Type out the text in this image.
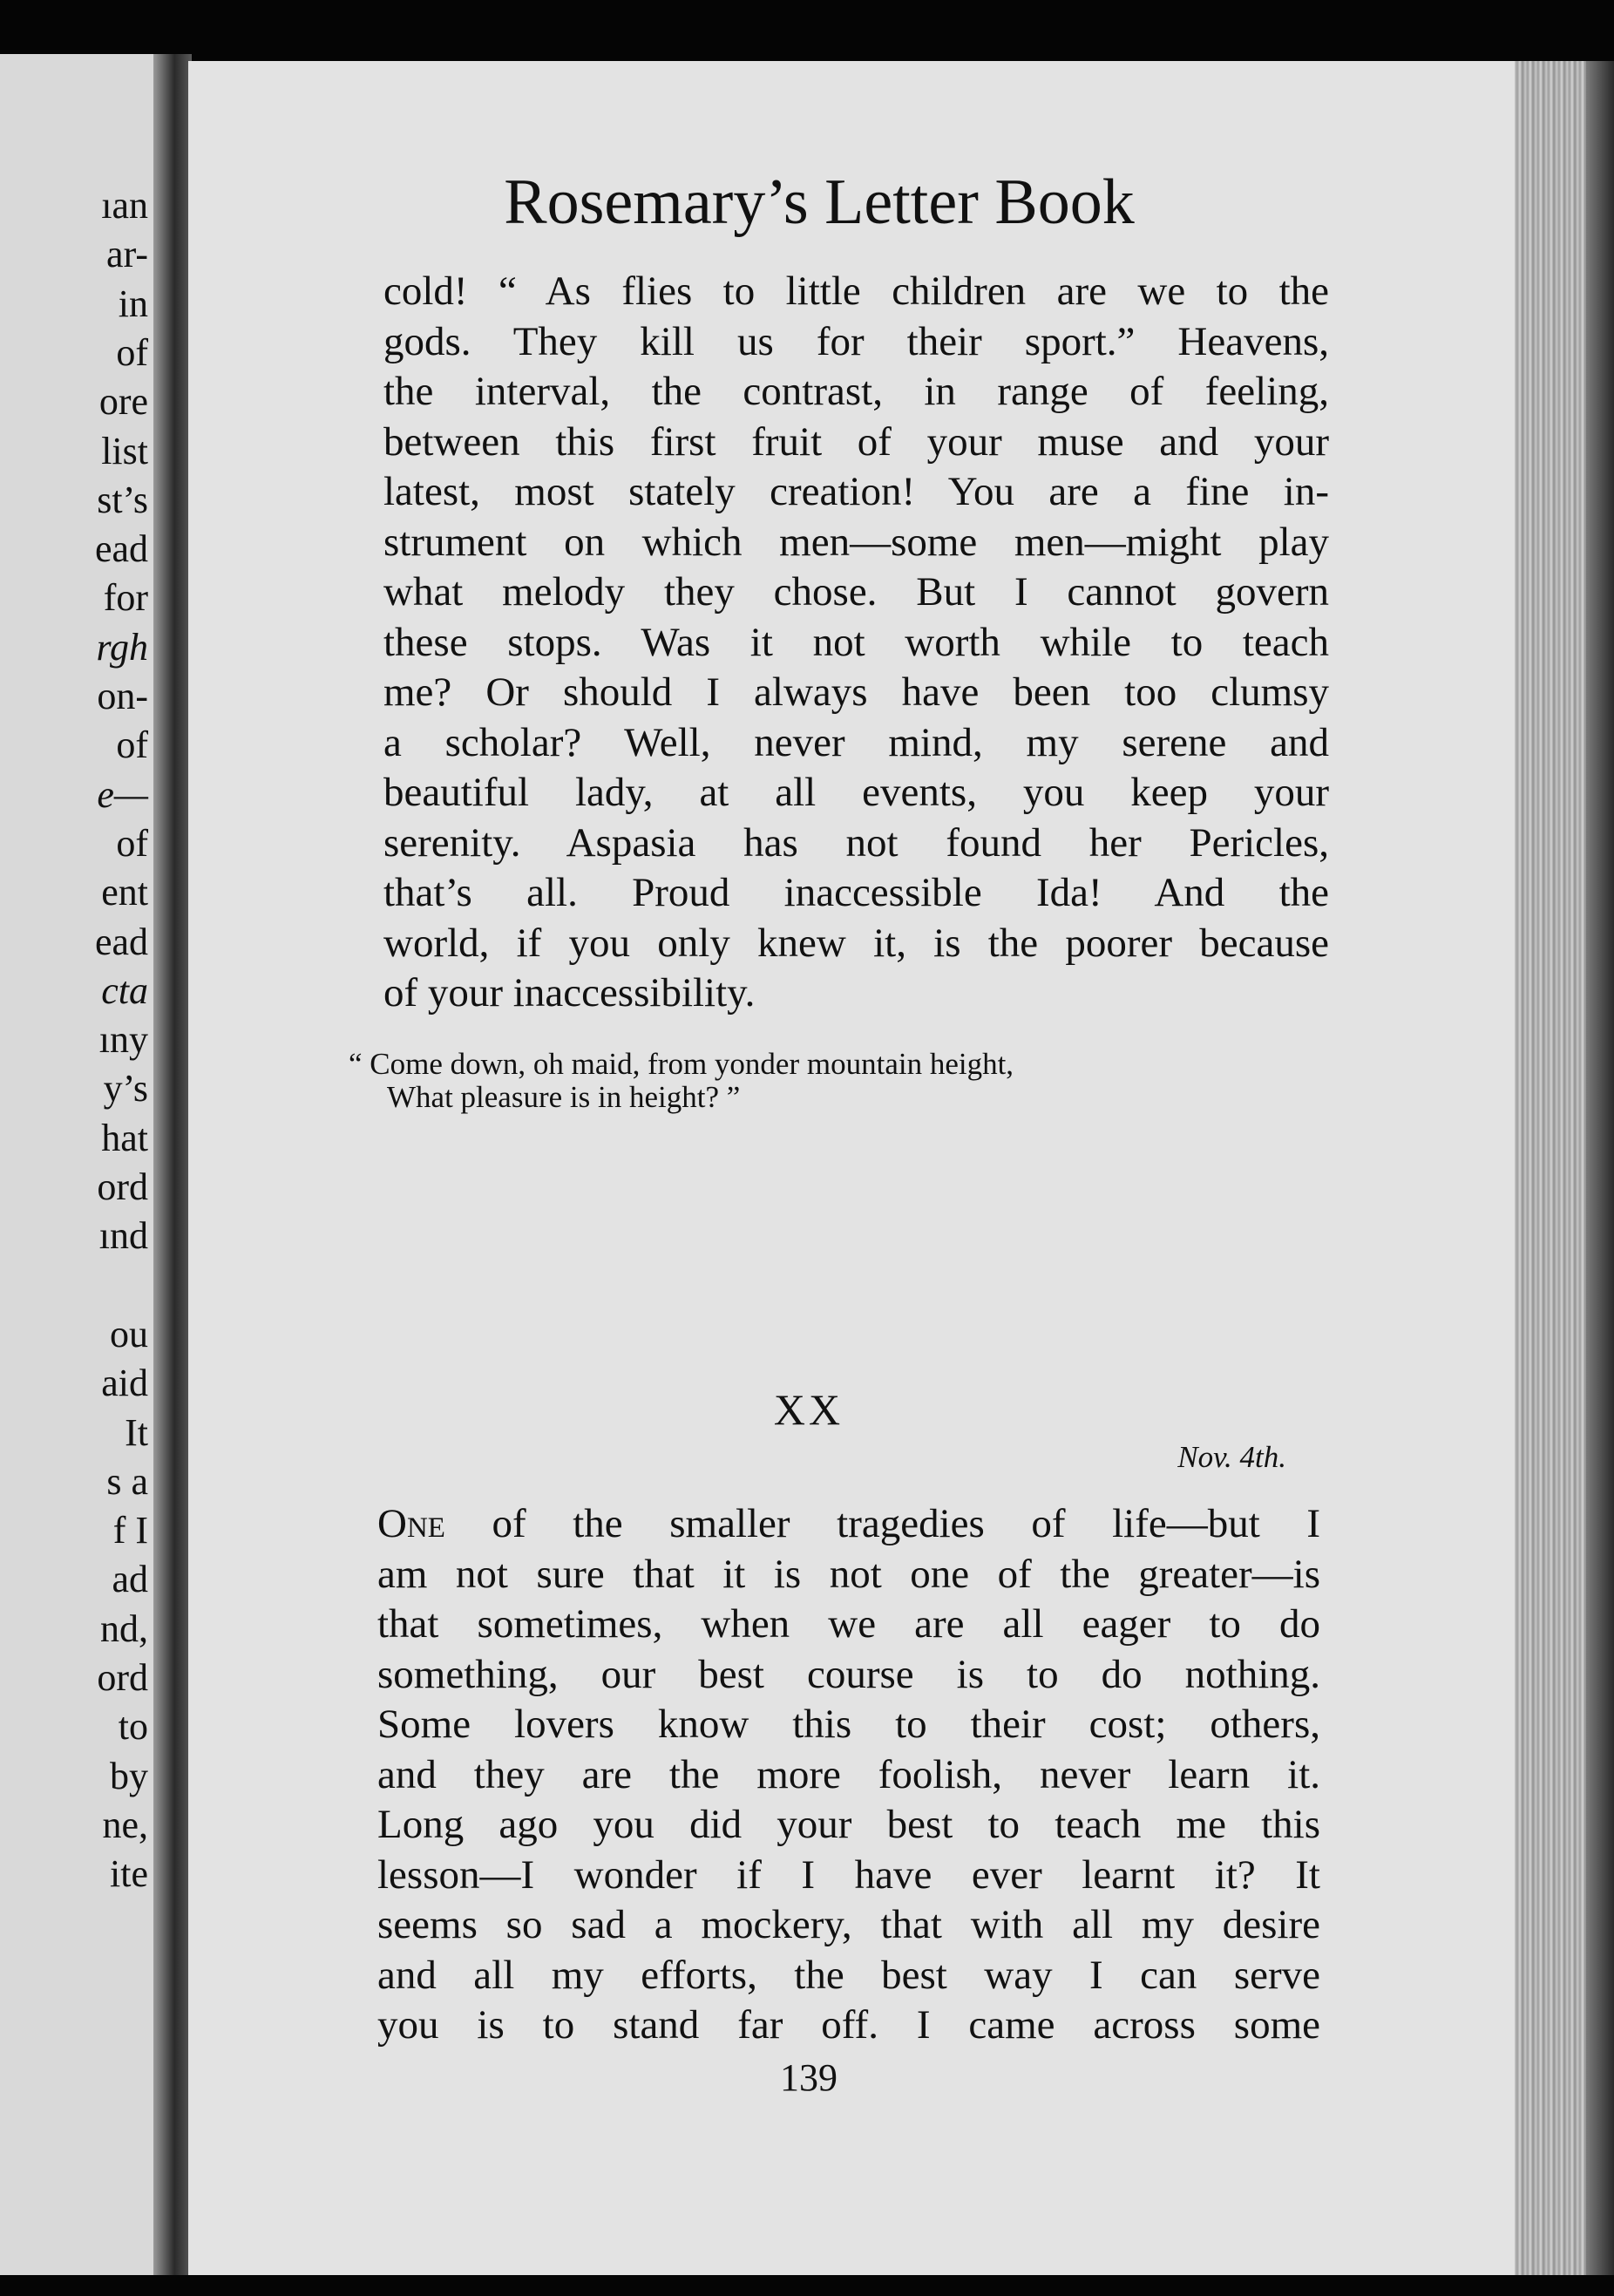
ıan
ar-
in
of
ore
list
st’s
ead
for
rgh
on-
of
e—
of
ent
ead
cta
ıny
y’s
hat
ord
ınd
ou
aid
It
s a
f I
ad
nd,
ord
to
by
ne,
ite
Rosemary’s Letter Book
cold! “ As flies to little children are we to the
gods. They kill us for their sport.” Heavens,
the interval, the contrast, in range of feeling,
between this first fruit of your muse and your
latest, most stately creation! You are a fine in-
strument on which men—some men—might play
what melody they chose. But I cannot govern
these stops. Was it not worth while to teach
me? Or should I always have been too clumsy
a scholar? Well, never mind, my serene and
beautiful lady, at all events, you keep your
serenity. Aspasia has not found her Pericles,
that’s all. Proud inaccessible Ida! And the
world, if you only knew it, is the poorer because
of your inaccessibility.
“ Come down, oh maid, from yonder mountain height,
What pleasure is in height? ”
XX
Nov. 4th.
One of the smaller tragedies of life—but I
am not sure that it is not one of the greater—is
that sometimes, when we are all eager to do
something, our best course is to do nothing.
Some lovers know this to their cost; others,
and they are the more foolish, never learn it.
Long ago you did your best to teach me this
lesson—I wonder if I have ever learnt it? It
seems so sad a mockery, that with all my desire
and all my efforts, the best way I can serve
you is to stand far off. I came across some
139
